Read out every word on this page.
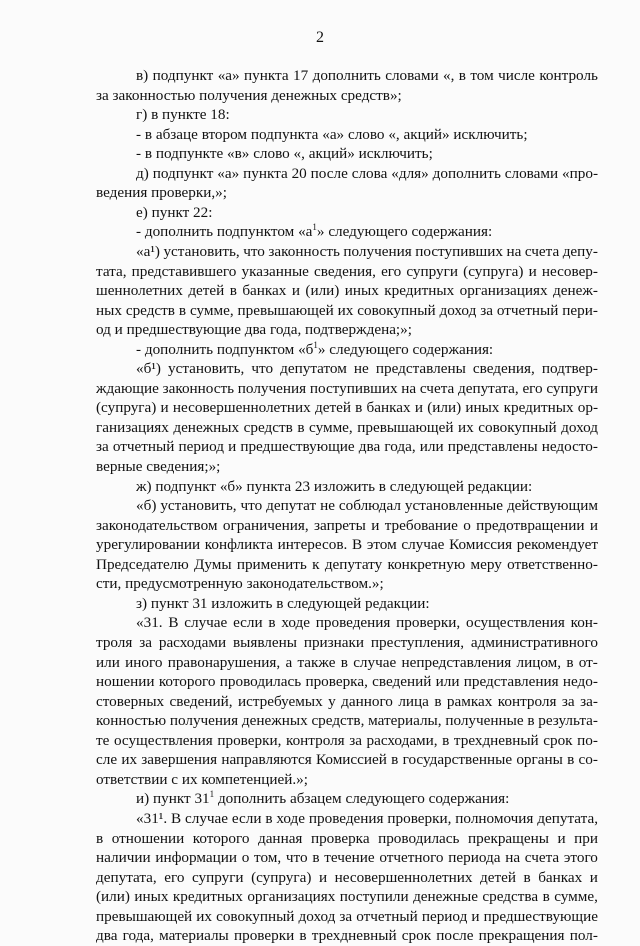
2
в) подпункт «а» пункта 17 дополнить словами «, в том числе контроль
за законностью получения денежных средств»;
г) в пункте 18:
- в абзаце втором подпункта «а» слово «, акций» исключить;
- в подпункте «в» слово «, акций» исключить;
д) подпункт «а» пункта 20 после слова «для» дополнить словами «про-
ведения проверки,»;
е) пункт 22:
- дополнить подпунктом «$а^1$» следующего содержания:
«а¹) установить, что законность получения поступивших на счета депу-
тата, представившего указанные сведения, его супруги (супруга) и несовер-
шеннолетних детей в банках и (или) иных кредитных организациях денеж-
ных средств в сумме, превышающей их совокупный доход за отчетный пери-
од и предшествующие два года, подтверждена;»;
- дополнить подпунктом «$б^1$» следующего содержания:
«б¹) установить, что депутатом не представлены сведения, подтвер-
ждающие законность получения поступивших на счета депутата, его супруги
(супруга) и несовершеннолетних детей в банках и (или) иных кредитных ор-
ганизациях денежных средств в сумме, превышающей их совокупный доход
за отчетный период и предшествующие два года, или представлены недосто-
верные сведения;»;
ж) подпункт «б» пункта 23 изложить в следующей редакции:
«б) установить, что депутат не соблюдал установленные действующим
законодательством ограничения, запреты и требование о предотвращении и
урегулировании конфликта интересов. В этом случае Комиссия рекомендует
Председателю Думы применить к депутату конкретную меру ответственно-
сти, предусмотренную законодательством.»;
з) пункт 31 изложить в следующей редакции:
«31. В случае если в ходе проведения проверки, осуществления кон-
троля за расходами выявлены признаки преступления, административного
или иного правонарушения, а также в случае непредставления лицом, в от-
ношении которого проводилась проверка, сведений или представления недо-
стоверных сведений, истребуемых у данного лица в рамках контроля за за-
конностью получения денежных средств, материалы, полученные в результа-
те осуществления проверки, контроля за расходами, в трехдневный срок по-
сле их завершения направляются Комиссией в государственные органы в со-
ответствии с их компетенцией.»;
и) пункт $31^1$ дополнить абзацем следующего содержания:
«31¹. В случае если в ходе проведения проверки, полномочия депутата,
в отношении которого данная проверка проводилась прекращены и при
наличии информации о том, что в течение отчетного периода на счета этого
депутата, его супруги (супруга) и несовершеннолетних детей в банках и
(или) иных кредитных организациях поступили денежные средства в сумме,
превышающей их совокупный доход за отчетный период и предшествующие
два года, материалы проверки в трехдневный срок после прекращения пол-
